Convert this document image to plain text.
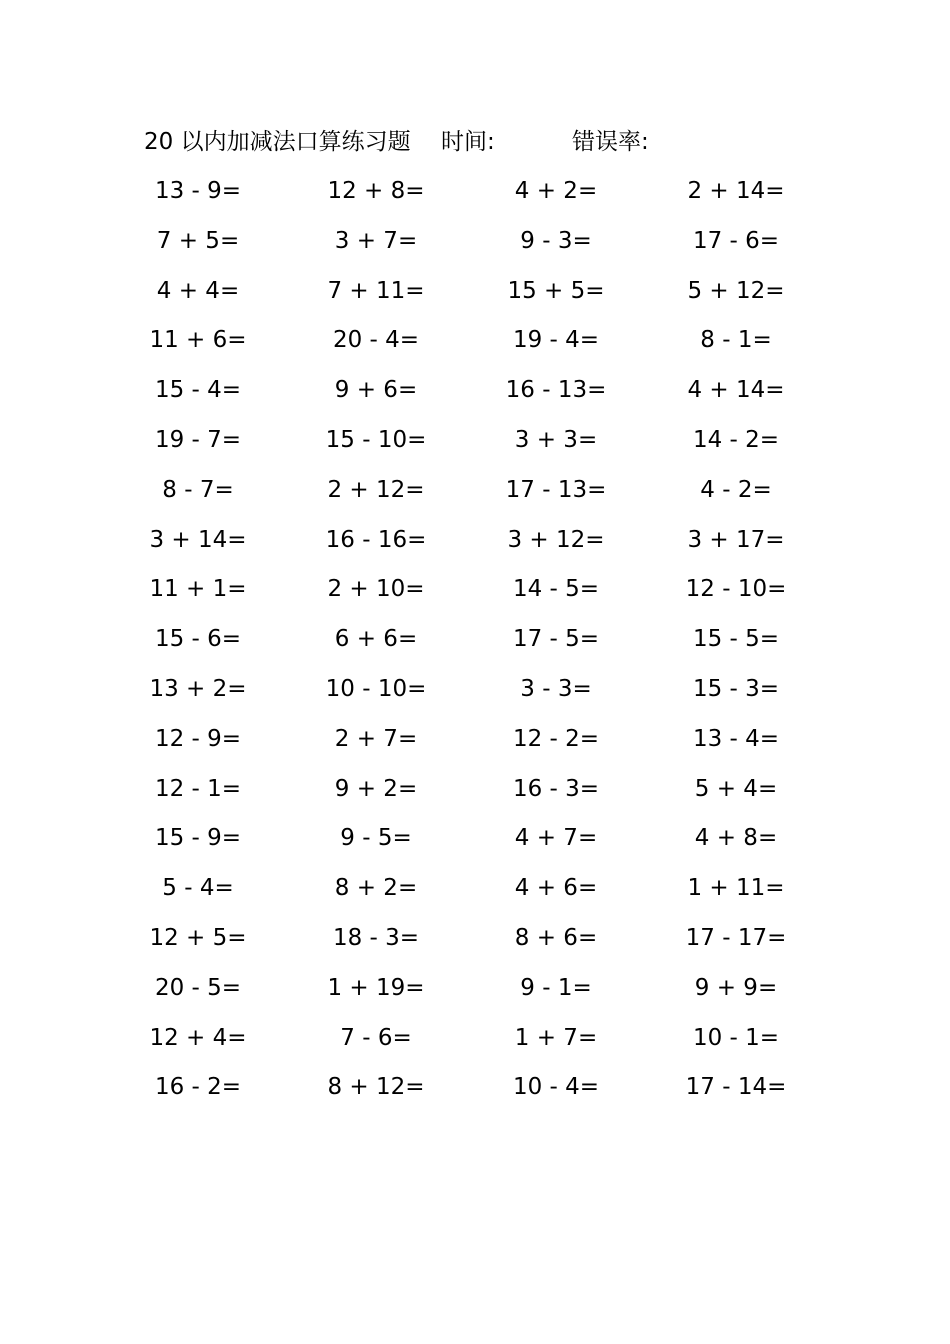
20 以内加减法口算练习题 时间:	错误率:
13 - 9=	12 + 8=	4 + 2=	2 + 14=
7 + 5=	3 + 7=	9 - 3=	17 - 6=
4 + 4=	7 + 11=	15 + 5=	5 + 12=
11 + 6=	20 - 4=	19 - 4=	8 - 1=
15 - 4=	9 + 6=	16 - 13=	4 + 14=
19 - 7=	15 - 10=	3 + 3=	14 - 2=
8 - 7=	2 + 12=	17 - 13=	4 - 2=
3 + 14=	16 - 16=	3 + 12=	3 + 17=
11 + 1=	2 + 10=	14 - 5=	12 - 10=
15 - 6=	6 + 6=	17 - 5=	15 - 5=
13 + 2=	10 - 10=	3 - 3=	15 - 3=
12 - 9=	2 + 7=	12 - 2=	13 - 4=
12 - 1=	9 + 2=	16 - 3=	5 + 4=
15 - 9=	9 - 5=	4 + 7=	4 + 8=
5 - 4=	8 + 2=	4 + 6=	1 + 11=
12 + 5=	18 - 3=	8 + 6=	17 - 17=
20 - 5=	1 + 19=	9 - 1=	9 + 9=
12 + 4=	7 - 6=	1 + 7=	10 - 1=
16 - 2=	8 + 12=	10 - 4=	17 - 14=
